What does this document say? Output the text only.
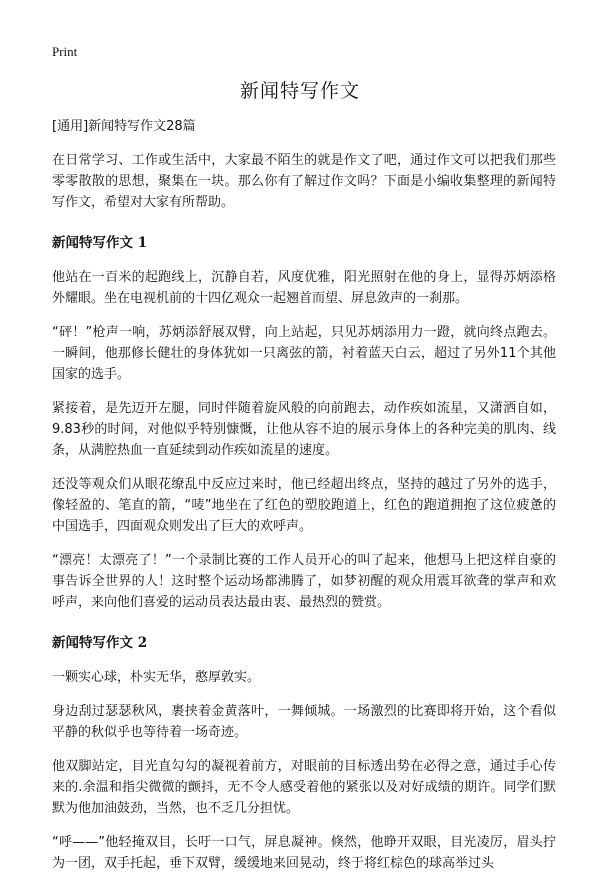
Print
新闻特写作文
[通用]新闻特写作文28篇

在日常学习、工作或生活中，大家最不陌生的就是作文了吧，通过作文可以把我们那些零零散散的思想，聚集在一块。那么你有了解过作文吗？下面是小编收集整理的新闻特写作文，希望对大家有所帮助。

新闻特写作文 1

他站在一百米的起跑线上，沉静自若，风度优雅，阳光照射在他的身上，显得苏炳添格外耀眼。坐在电视机前的十四亿观众一起翘首而望、屏息敛声的一刹那。

“砰！”枪声一响，苏炳添舒展双臂，向上站起，只见苏炳添用力一蹬，就向终点跑去。一瞬间，他那修长健壮的身体犹如一只离弦的箭，衬着蓝天白云，超过了另外11个其他国家的选手。

紧接着，是先迈开左腿，同时伴随着旋风般的向前跑去，动作疾如流星，又潇洒自如，9.83秒的时间，对他似乎特别慷慨，让他从容不迫的展示身体上的各种完美的肌肉、线条，从满腔热血一直延续到动作疾如流星的速度。

还没等观众们从眼花缭乱中反应过来时，他已经超出终点，坚持的越过了另外的选手，像轻盈的、笔直的箭，“唛”地坐在了红色的塑胶跑道上，红色的跑道拥抱了这位疲惫的中国选手，四面观众则发出了巨大的欢呼声。

“漂亮！太漂亮了！”一个录制比赛的工作人员开心的叫了起来，他想马上把这样自豪的事告诉全世界的人！这时整个运动场都沸腾了，如梦初醒的观众用震耳欲聋的掌声和欢呼声，来向他们喜爱的运动员表达最由衷、最热烈的赞赏。

新闻特写作文 2

一颗实心球，朴实无华，憨厚敦实。

身边刮过瑟瑟秋风，裹挟着金黄落叶，一舞倾城。一场激烈的比赛即将开始，这个看似平静的秋似乎也等待着一场奇迹。

他双脚站定，目光直勾勾的凝视着前方，对眼前的目标透出势在必得之意，通过手心传来的.余温和指尖微微的颤抖，无不令人感受着他的紧张以及对好成绩的期许。同学们默默为他加油鼓劲，当然，也不乏几分担忧。

“呼——”他轻掩双目，长吁一口气，屏息凝神。倏然，他睁开双眼，目光凌厉，眉头拧为一团，双手托起，垂下双臂，缓缓地来回晃动，终于将红棕色的球高举过头
